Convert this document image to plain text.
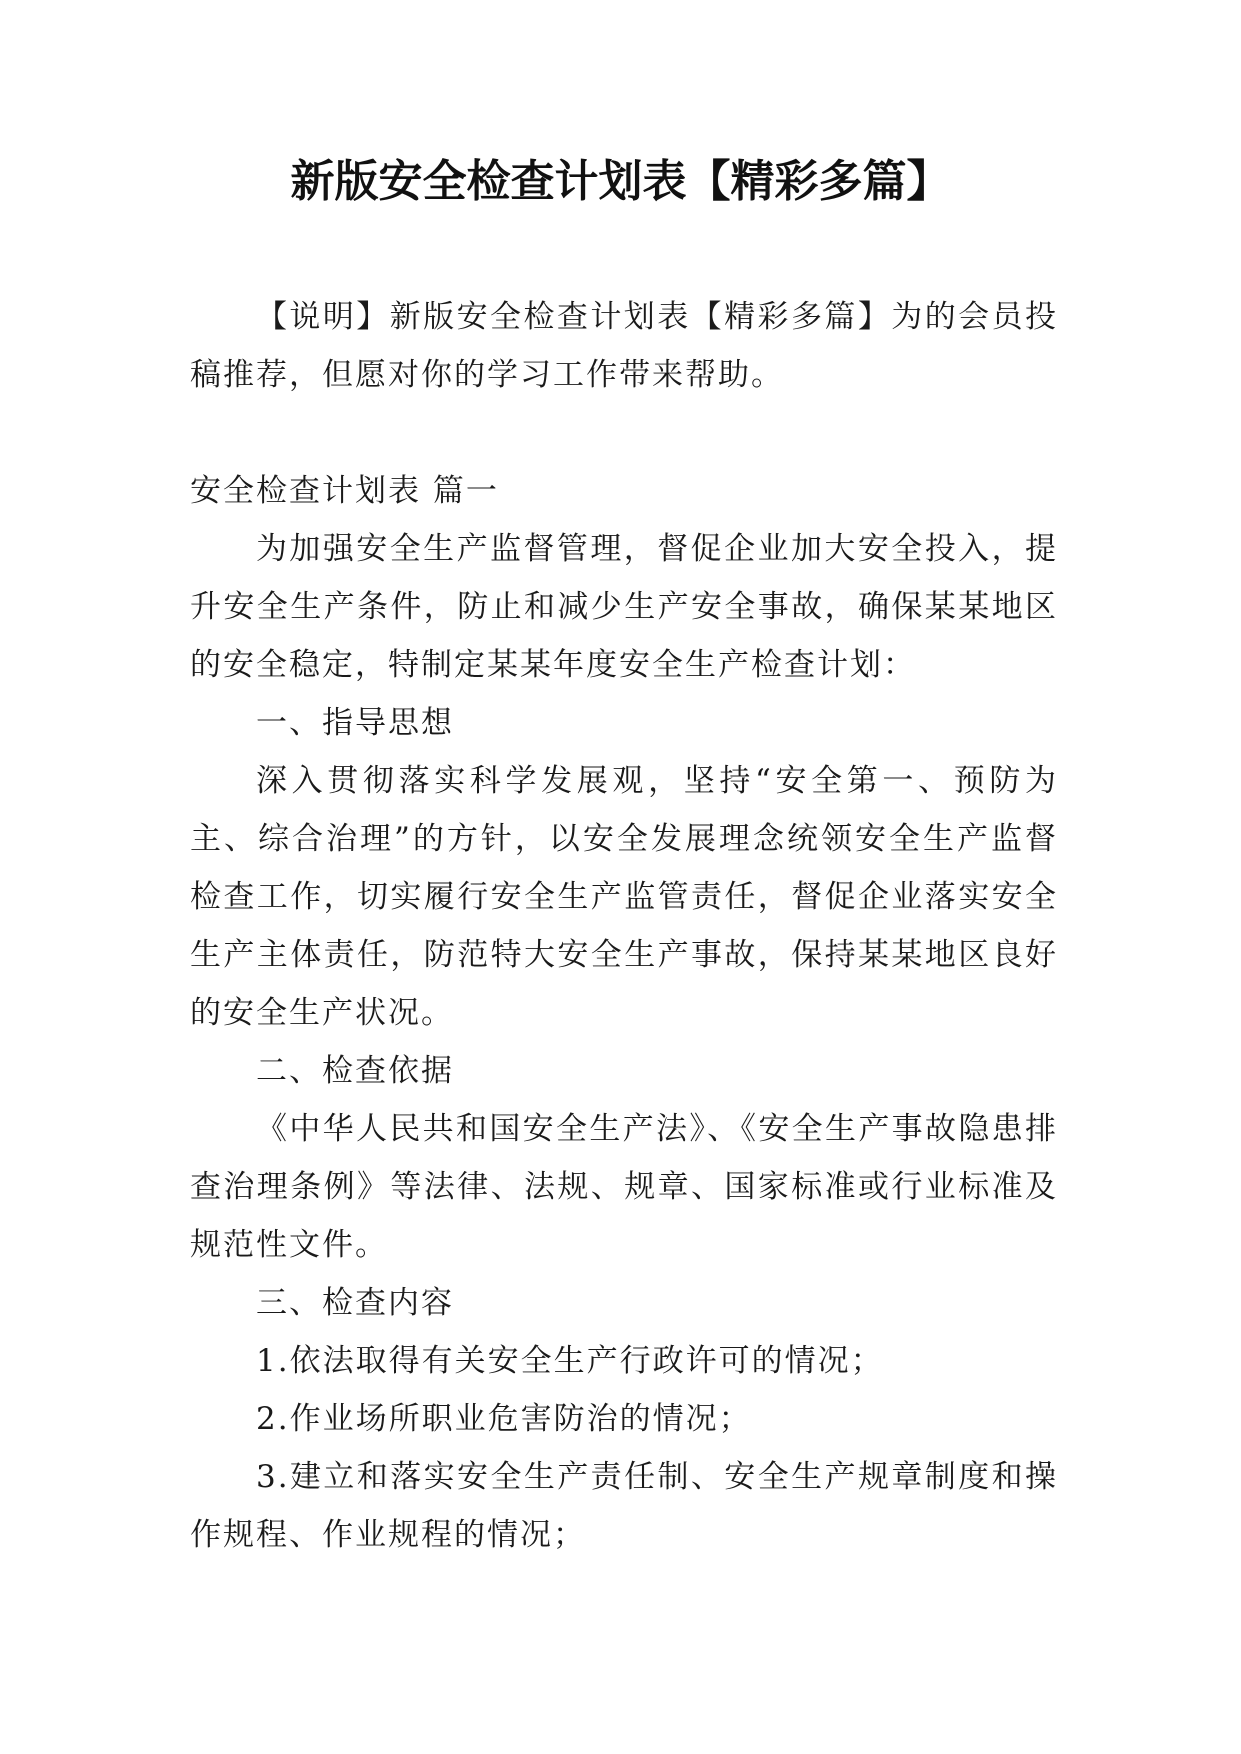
新版安全检查计划表【精彩多篇】

【说明】新版安全检查计划表【精彩多篇】为的会员投稿推荐，但愿对你的学习工作带来帮助。

安全检查计划表 篇一

为加强安全生产监督管理，督促企业加大安全投入，提升安全生产条件，防止和减少生产安全事故，确保某某地区的安全稳定，特制定某某年度安全生产检查计划：

一、指导思想

深入贯彻落实科学发展观，坚持“安全第一、预防为主、综合治理”的方针，以安全发展理念统领安全生产监督检查工作，切实履行安全生产监管责任，督促企业落实安全生产主体责任，防范特大安全生产事故，保持某某地区良好的安全生产状况。

二、检查依据

《中华人民共和国安全生产法》、《安全生产事故隐患排查治理条例》等法律、法规、规章、国家标准或行业标准及规范性文件。

三、检查内容

1.依法取得有关安全生产行政许可的情况；

2.作业场所职业危害防治的情况；

3.建立和落实安全生产责任制、安全生产规章制度和操作规程、作业规程的情况；
